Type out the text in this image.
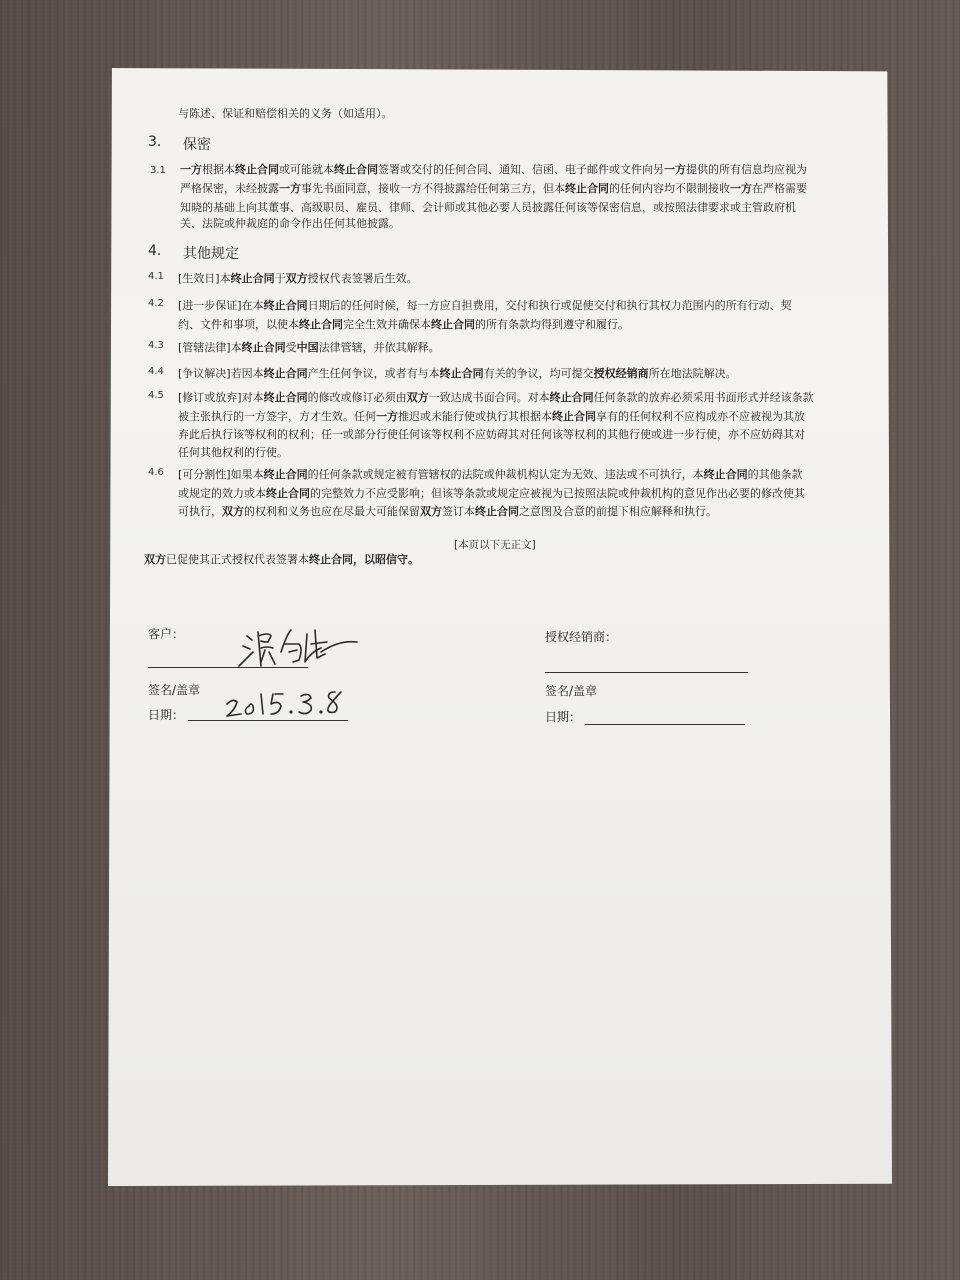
与陈述、保证和赔偿相关的义务（如适用）。
3. 保密
3.1 一方根据本终止合同或可能就本终止合同签署或交付的任何合同、通知、信函、电子邮件或文件向另一方提供的所有信息均应视为
严格保密，未经披露一方事先书面同意，接收一方不得披露给任何第三方，但本终止合同的任何内容均不限制接收一方在严格需要
知晓的基础上向其董事、高级职员、雇员、律师、会计师或其他必要人员披露任何该等保密信息，或按照法律要求或主管政府机
关、法院或仲裁庭的命令作出任何其他披露。
4. 其他规定
4.1 [生效日]本终止合同于双方授权代表签署后生效。
4.2 [进一步保证]在本终止合同日期后的任何时候，每一方应自担费用，交付和执行或促使交付和执行其权力范围内的所有行动、契
约、文件和事项，以使本终止合同完全生效并确保本终止合同的所有条款均得到遵守和履行。
4.3 [管辖法律]本终止合同受中国法律管辖，并依其解释。
4.4 [争议解决]若因本终止合同产生任何争议，或者有与本终止合同有关的争议，均可提交授权经销商所在地法院解决。
4.5 [修订或放弃]对本终止合同的修改或修订必须由双方一致达成书面合同。对本终止合同任何条款的放弃必须采用书面形式并经该条款
被主张执行的一方签字，方才生效。任何一方推迟或未能行使或执行其根据本终止合同享有的任何权利不应构成亦不应被视为其放
弃此后执行该等权利的权利；任一或部分行使任何该等权利不应妨碍其对任何该等权利的其他行使或进一步行使，亦不应妨碍其对
任何其他权利的行使。
4.6 [可分割性]如果本终止合同的任何条款或规定被有管辖权的法院或仲裁机构认定为无效、违法或不可执行，本终止合同的其他条款
或规定的效力或本终止合同的完整效力不应受影响；但该等条款或规定应被视为已按照法院或仲裁机构的意见作出必要的修改使其
可执行，双方的权利和义务也应在尽最大可能保留双方签订本终止合同之意图及合意的前提下相应解释和执行。
[本页以下无正文]
双方已促使其正式授权代表签署本终止合同，以昭信守。
客户：
签名/盖章
日期：
授权经销商：
签名/盖章
日期：
